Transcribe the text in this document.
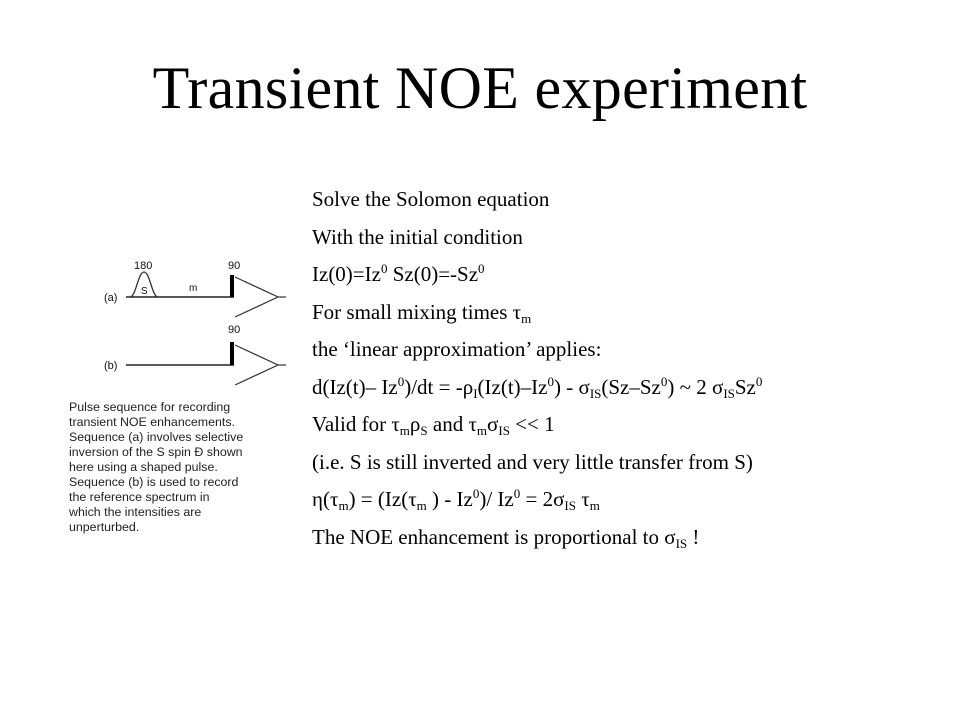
Transient NOE experiment
180	90
(a)
S	m
90
(b)
Pulse sequence for recording
transient NOE enhancements.
Sequence (a) involves selective
inversion of the S spin Ð shown
here using a shaped pulse.
Sequence (b) is used to record
the reference spectrum in
which the intensities are
unperturbed.
Solve the Solomon equation
With the initial condition
$Iz(0)=Iz^0$ $Sz(0)=-Sz^0$
For small mixing times $\tau_m$
the ‘linear approximation’ applies:
d(Iz(t)– $Iz^0)/dt = -\rho_I(Iz(t)-Iz^0) - \sigma_{IS}(Sz-Sz^0)$ ~ 2 $\sigma_{IS}Sz^0$
Valid for $\tau_m\rho_S$ and $\tau_m\sigma_{IS} << 1$
(i.e. S is still inverted and very little transfer from S)
$\eta(\tau_m) = (Iz(\tau_m$ ) - Iz$^0$)/ $Iz^0 = 2\sigma_{IS}$ $\tau_m$
The NOE enhancement is proportional to $\sigma_{IS}$ !
